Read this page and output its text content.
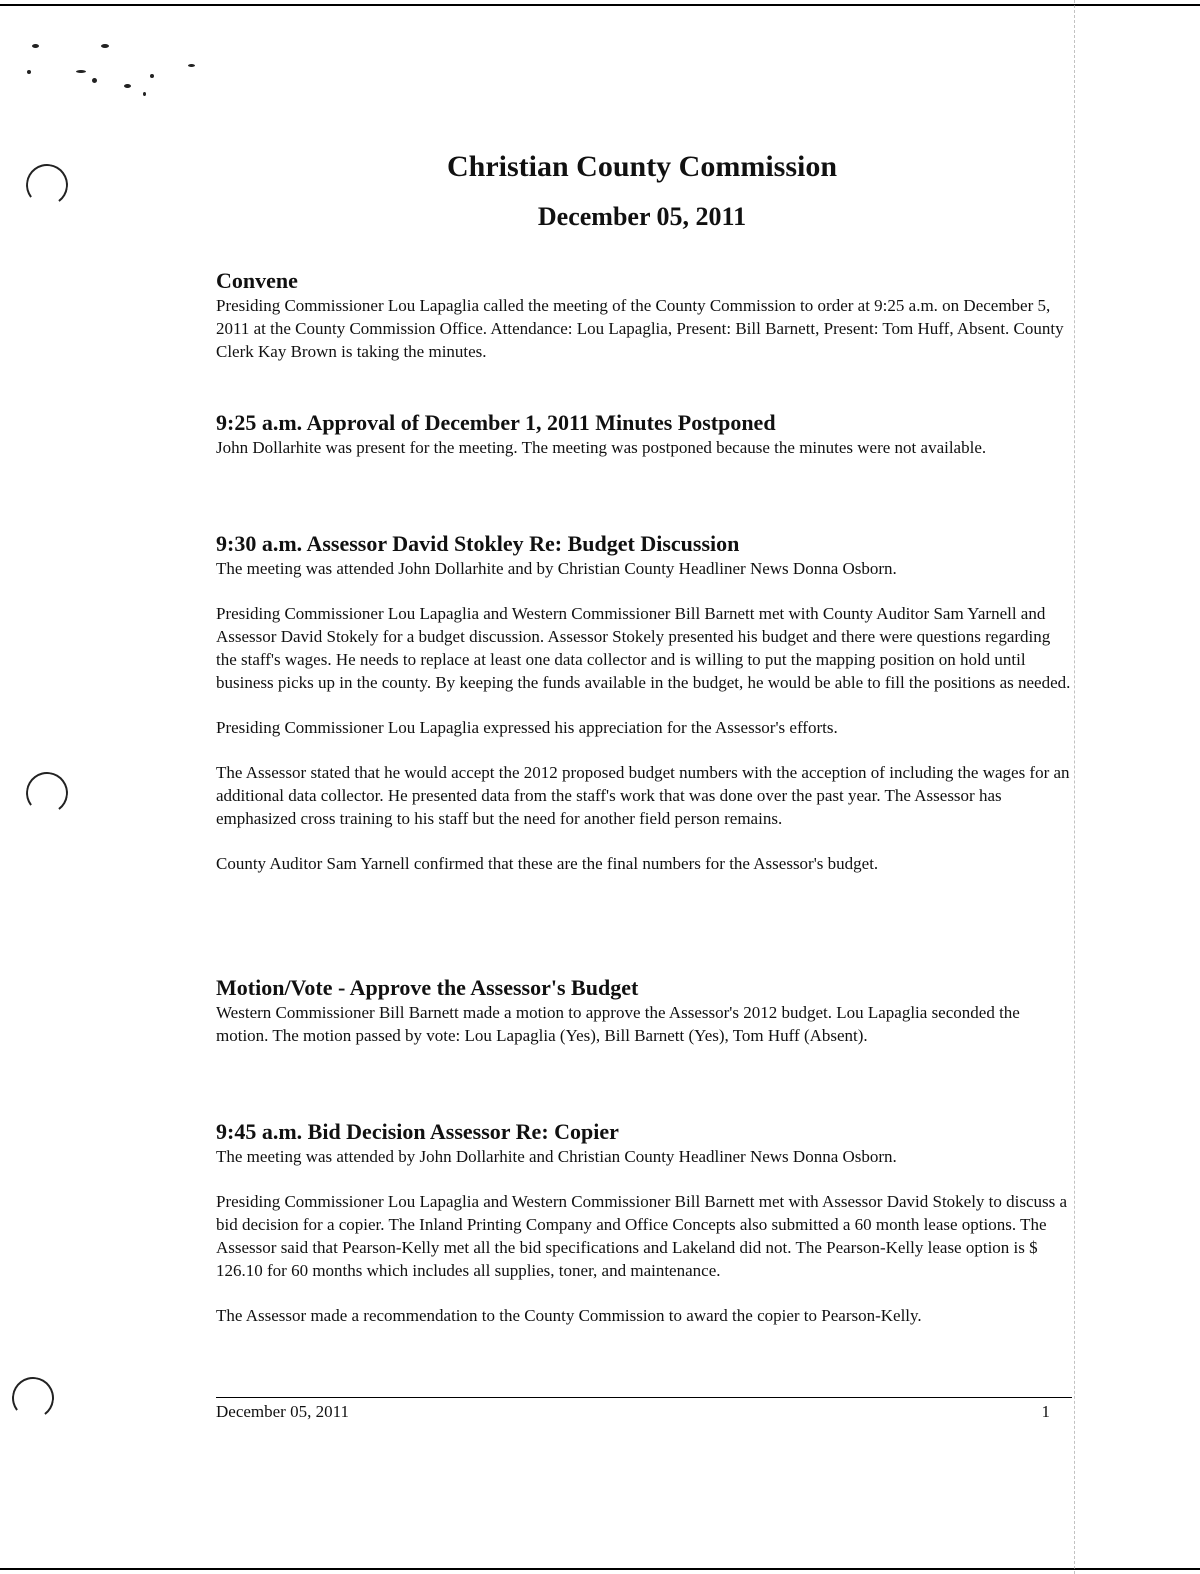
Christian County Commission
December 05, 2011
Convene

Presiding Commissioner Lou Lapaglia called the meeting of the County Commission to order at 9:25 a.m. on December 5, 2011 at the County Commission Office. Attendance: Lou Lapaglia, Present: Bill Barnett, Present: Tom Huff, Absent. County Clerk Kay Brown is taking the minutes.

9:25 a.m. Approval of December 1, 2011 Minutes Postponed

John Dollarhite was present for the meeting. The meeting was postponed because the minutes were not available.

9:30 a.m. Assessor David Stokley Re: Budget Discussion

The meeting was attended John Dollarhite and by Christian County Headliner News Donna Osborn.

Presiding Commissioner Lou Lapaglia and Western Commissioner Bill Barnett met with County Auditor Sam Yarnell and Assessor David Stokely for a budget discussion. Assessor Stokely presented his budget and there were questions regarding the staff's wages. He needs to replace at least one data collector and is willing to put the mapping position on hold until business picks up in the county. By keeping the funds available in the budget, he would be able to fill the positions as needed.

Presiding Commissioner Lou Lapaglia expressed his appreciation for the Assessor's efforts.

The Assessor stated that he would accept the 2012 proposed budget numbers with the acception of including the wages for an additional data collector. He presented data from the staff's work that was done over the past year. The Assessor has emphasized cross training to his staff but the need for another field person remains.

County Auditor Sam Yarnell confirmed that these are the final numbers for the Assessor's budget.

Motion/Vote - Approve the Assessor's Budget

Western Commissioner Bill Barnett made a motion to approve the Assessor's 2012 budget. Lou Lapaglia seconded the motion. The motion passed by vote: Lou Lapaglia (Yes), Bill Barnett (Yes), Tom Huff (Absent).

9:45 a.m. Bid Decision Assessor Re: Copier

The meeting was attended by John Dollarhite and Christian County Headliner News Donna Osborn.

Presiding Commissioner Lou Lapaglia and Western Commissioner Bill Barnett met with Assessor David Stokely to discuss a bid decision for a copier. The Inland Printing Company and Office Concepts also submitted a 60 month lease options. The Assessor said that Pearson-Kelly met all the bid specifications and Lakeland did not. The Pearson-Kelly lease option is $ 126.10 for 60 months which includes all supplies, toner, and maintenance.

The Assessor made a recommendation to the County Commission to award the copier to Pearson-Kelly.

December 05, 2011	1
